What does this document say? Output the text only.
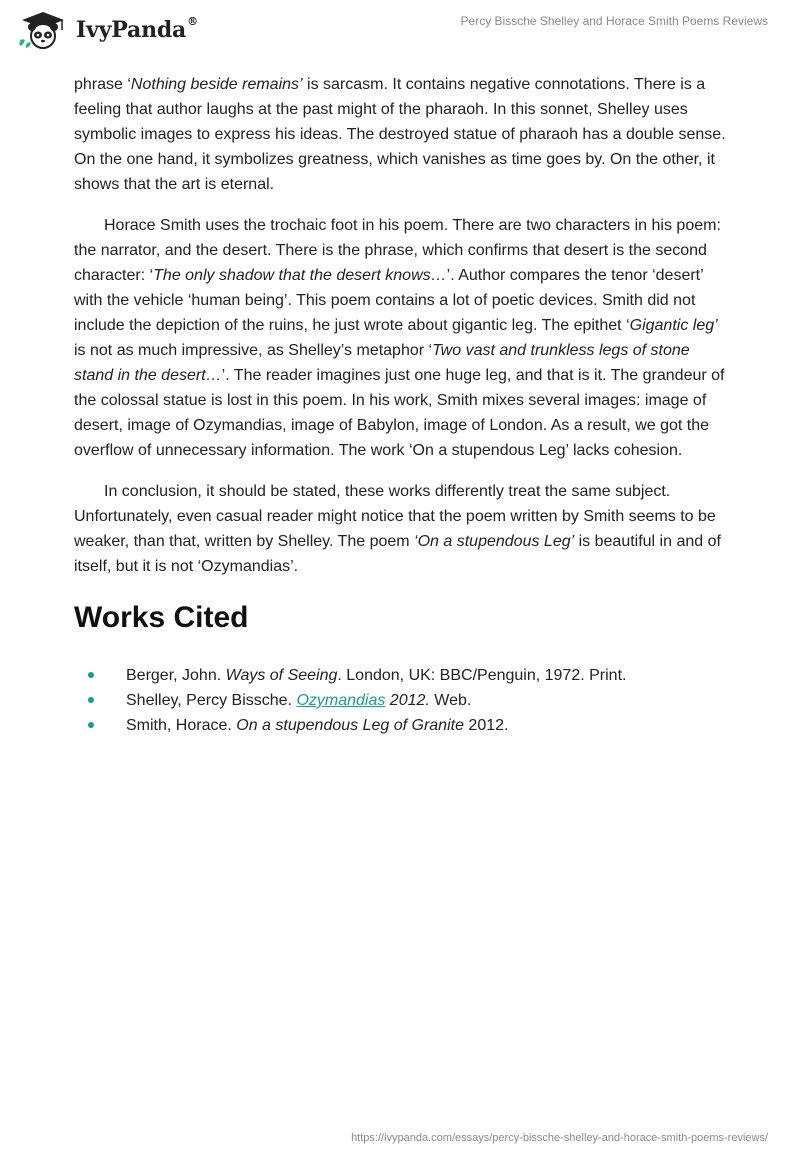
IvyPanda®	Percy Bissche Shelley and Horace Smith Poems Reviews

phrase ‘Nothing beside remains’ is sarcasm. It contains negative connotations. There is a feeling that author laughs at the past might of the pharaoh. In this sonnet, Shelley uses symbolic images to express his ideas. The destroyed statue of pharaoh has a double sense. On the one hand, it symbolizes greatness, which vanishes as time goes by. On the other, it shows that the art is eternal.

Horace Smith uses the trochaic foot in his poem. There are two characters in his poem: the narrator, and the desert. There is the phrase, which confirms that desert is the second character: ‘The only shadow that the desert knows…’. Author compares the tenor ‘desert’ with the vehicle ‘human being’. This poem contains a lot of poetic devices. Smith did not include the depiction of the ruins, he just wrote about gigantic leg. The epithet ‘Gigantic leg’ is not as much impressive, as Shelley’s metaphor ‘Two vast and trunkless legs of stone stand in the desert…’. The reader imagines just one huge leg, and that is it. The grandeur of the colossal statue is lost in this poem. In his work, Smith mixes several images: image of desert, image of Ozymandias, image of Babylon, image of London. As a result, we got the overflow of unnecessary information. The work ‘On a stupendous Leg’ lacks cohesion.

In conclusion, it should be stated, these works differently treat the same subject. Unfortunately, even casual reader might notice that the poem written by Smith seems to be weaker, than that, written by Shelley. The poem ‘On a stupendous Leg’ is beautiful in and of itself, but it is not ‘Ozymandias’.

Works Cited
Berger, John. Ways of Seeing. London, UK: BBC/Penguin, 1972. Print.
Shelley, Percy Bissche. Ozymandias 2012. Web.
Smith, Horace. On a stupendous Leg of Granite 2012.
https://ivypanda.com/essays/percy-bissche-shelley-and-horace-smith-poems-reviews/
